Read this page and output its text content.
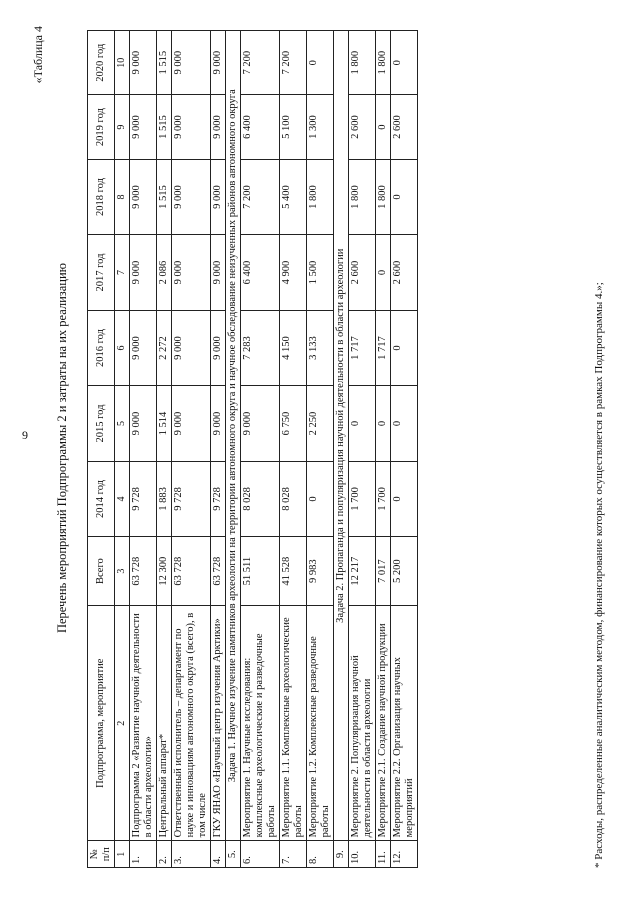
9
«Таблица 4
Перечень мероприятий Подпрограммы 2 и затраты на их реализацию
№ п/п	Подпрограмма, мероприятие	Всего	2014 год	2015 год	2016 год	2017 год	2018 год	2019 год	2020 год
1	2	3	4	5	6	7	8	9	10
1.	Подпрограмма 2 «Развитие научной деятельности в области археологии»	63 728	9 728	9 000	9 000	9 000	9 000	9 000	9 000
2.	Центральный аппарат*	12 300	1 883	1 514	2 272	2 086	1 515	1 515	1 515
3.	Ответственный исполнитель – департамент по науке и инновациям автономного округа (всего), в том числе	63 728	9 728	9 000	9 000	9 000	9 000	9 000	9 000
4.	ГКУ ЯНАО «Научный центр изучения Арктики»	63 728	9 728	9 000	9 000	9 000	9 000	9 000	9 000
5.	Задача 1. Научное изучение памятников археологии на территории автономного округа и научное обследование неизученных районов автономного округа								
6.	Мероприятие 1. Научные исследования: комплексные археологические и разведочные работы	51 511	8 028	9 000	7 283	6 400	7 200	6 400	7 200
7.	Мероприятие 1.1. Комплексные археологические работы	41 528	8 028	6 750	4 150	4 900	5 400	5 100	7 200
8.	Мероприятие 1.2. Комплексные разведочные работы	9 983	0	2 250	3 133	1 500	1 800	1 300	0
9.	Задача 2. Пропаганда и популяризация научной деятельности в области археологии								
10.	Мероприятие 2. Популяризация научной деятельности в области археологии	12 217	1 700	0	1 717	2 600	1 800	2 600	1 800
11.	Мероприятие 2.1. Создание научной продукции	7 017	1 700	0	1 717	0	1 800	0	1 800
12.	Мероприятие 2.2. Организация научных мероприятий	5 200	0	0	0	2 600	0	2 600	0
* Расходы, распределенные аналитическим методом, финансирование которых осуществляется в рамках Подпрограммы 4.»;
